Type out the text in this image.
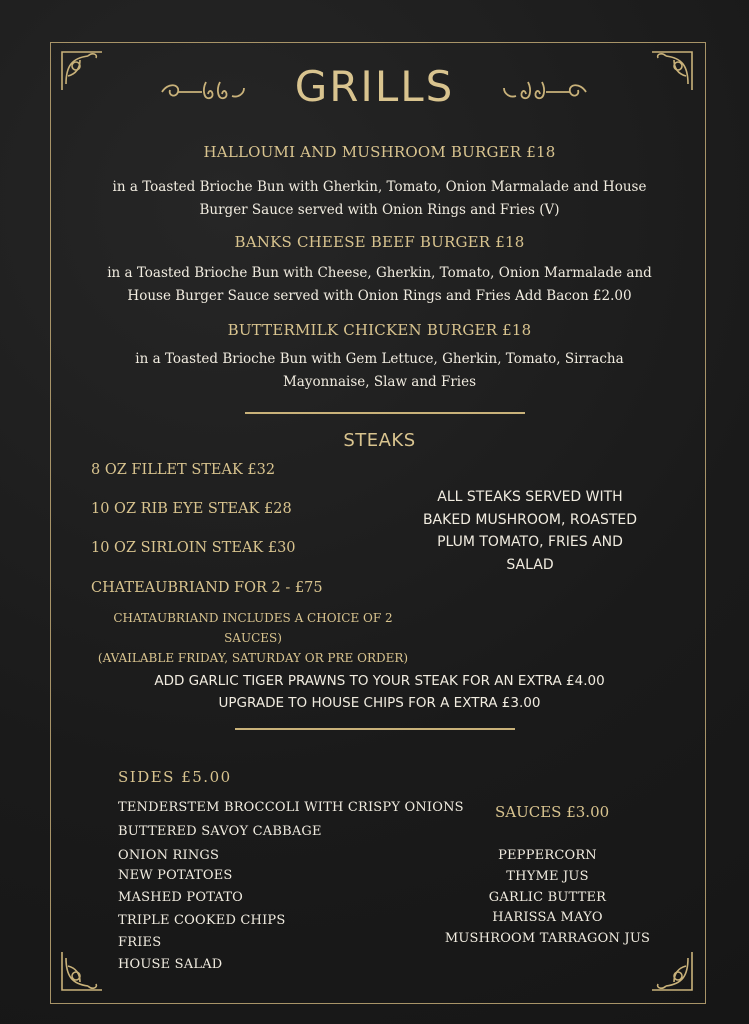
GRILLS
HALLOUMI AND MUSHROOM BURGER £18
in a Toasted Brioche Bun with Gherkin, Tomato, Onion Marmalade and House
Burger Sauce served with Onion Rings and Fries (V)
BANKS CHEESE BEEF BURGER £18
in a Toasted Brioche Bun with Cheese, Gherkin, Tomato, Onion Marmalade and
House Burger Sauce served with Onion Rings and Fries Add Bacon £2.00
BUTTERMILK CHICKEN BURGER £18
in a Toasted Brioche Bun with Gem Lettuce, Gherkin, Tomato, Sirracha
Mayonnaise, Slaw and Fries
STEAKS
8 OZ FILLET STEAK £32
10 OZ RIB EYE STEAK £28
10 OZ SIRLOIN STEAK £30
CHATEAUBRIAND FOR 2 - £75
CHATAUBRIAND INCLUDES A CHOICE OF 2 SAUCES)
(AVAILABLE FRIDAY, SATURDAY OR PRE ORDER)
ALL STEAKS SERVED WITH
BAKED MUSHROOM, ROASTED
PLUM TOMATO, FRIES AND
SALAD
ADD GARLIC TIGER PRAWNS TO YOUR STEAK FOR AN EXTRA £4.00
UPGRADE TO HOUSE CHIPS FOR A EXTRA £3.00
SIDES £5.00
TENDERSTEM BROCCOLI WITH CRISPY ONIONS
BUTTERED SAVOY CABBAGE
ONION RINGS
NEW POTATOES
MASHED POTATO
TRIPLE COOKED CHIPS
FRIES
HOUSE SALAD
SAUCES £3.00
PEPPERCORN
THYME JUS
GARLIC BUTTER
HARISSA MAYO
MUSHROOM TARRAGON JUS
